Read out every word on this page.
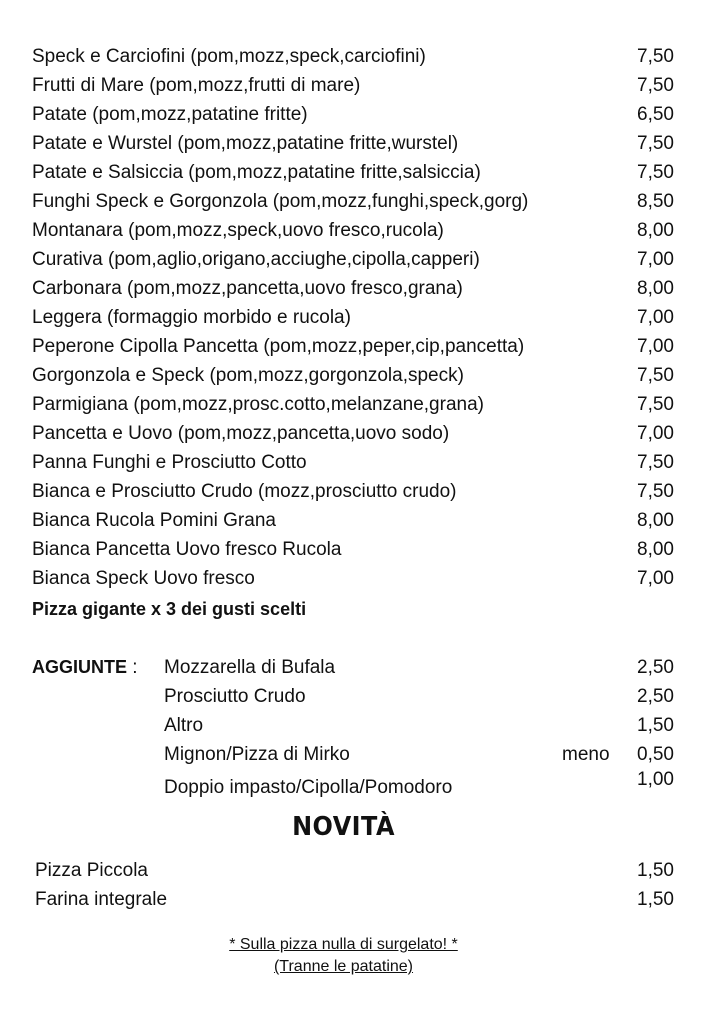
Speck e Carciofini (pom,mozz,speck,carciofini)	7,50
Frutti di Mare (pom,mozz,frutti di mare)	7,50
Patate (pom,mozz,patatine fritte)	6,50
Patate e Wurstel (pom,mozz,patatine fritte,wurstel)	7,50
Patate e Salsiccia (pom,mozz,patatine fritte,salsiccia)	7,50
Funghi Speck e Gorgonzola (pom,mozz,funghi,speck,gorg)	8,50
Montanara (pom,mozz,speck,uovo fresco,rucola)	8,00
Curativa (pom,aglio,origano,acciughe,cipolla,capperi)	7,00
Carbonara (pom,mozz,pancetta,uovo fresco,grana)	8,00
Leggera (formaggio morbido e rucola)	7,00
Peperone Cipolla Pancetta (pom,mozz,peper,cip,pancetta)	7,00
Gorgonzola e Speck (pom,mozz,gorgonzola,speck)	7,50
Parmigiana (pom,mozz,prosc.cotto,melanzane,grana)	7,50
Pancetta e Uovo (pom,mozz,pancetta,uovo sodo)	7,00
Panna Funghi e Prosciutto Cotto	7,50
Bianca e Prosciutto Crudo (mozz,prosciutto crudo)	7,50
Bianca Rucola Pomini Grana	8,00
Bianca Pancetta Uovo fresco Rucola	8,00
Bianca Speck Uovo fresco	7,00
Pizza gigante x 3 dei gusti scelti
AGGIUNTE : Mozzarella di Bufala	2,50
Prosciutto Crudo	2,50
Altro	1,50
Mignon/Pizza di Mirko	meno 0,50
Doppio impasto/Cipolla/Pomodoro	1,00
NOVITÀ
Pizza Piccola	1,50
Farina integrale	1,50
* Sulla pizza nulla di surgelato! *
(Tranne le patatine)
